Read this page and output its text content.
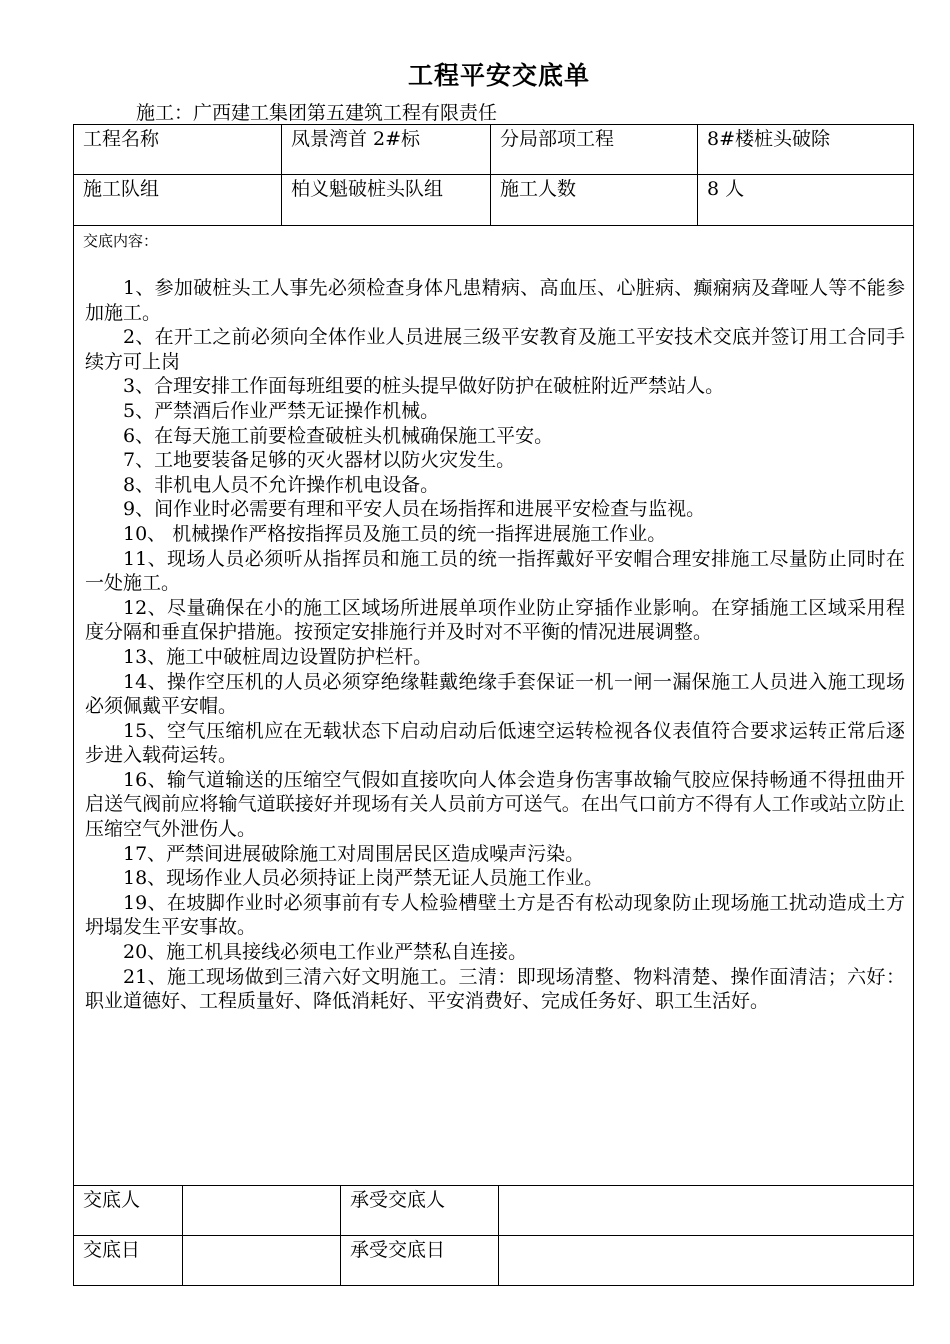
工程平安交底单
施工：广西建工集团第五建筑工程有限责任
工程名称	凤景湾首 2#标	分局部项工程	8#楼桩头破除
施工队组	柏义魁破桩头队组	施工人数	8 人
交底内容：

1、参加破桩头工人事先必须检查身体凡患精病、高血压、心脏病、癫痫病及聋哑人等不能参加施工。

2、在开工之前必须向全体作业人员进展三级平安教育及施工平安技术交底并签订用工合同手续方可上岗

3、合理安排工作面每班组要的桩头提早做好防护在破桩附近严禁站人。

5、严禁酒后作业严禁无证操作机械。

6、在每天施工前要检查破桩头机械确保施工平安。

7、工地要装备足够的灭火器材以防火灾发生。

8、非机电人员不允许操作机电设备。

9、间作业时必需要有理和平安人员在场指挥和进展平安检查与监视。

10、 机械操作严格按指挥员及施工员的统一指挥进展施工作业。

11、现场人员必须听从指挥员和施工员的统一指挥戴好平安帽合理安排施工尽量防止同时在一处施工。

12、尽量确保在小的施工区域场所进展单项作业防止穿插作业影响。在穿插施工区域采用程度分隔和垂直保护措施。按预定安排施行并及时对不平衡的情况进展调整。

13、施工中破桩周边设置防护栏杆。

14、操作空压机的人员必须穿绝缘鞋戴绝缘手套保证一机一闸一漏保施工人员进入施工现场必须佩戴平安帽。

15、空气压缩机应在无载状态下启动启动后低速空运转检视各仪表值符合要求运转正常后逐步进入载荷运转。

16、输气道输送的压缩空气假如直接吹向人体会造身伤害事故输气胶应保持畅通不得扭曲开启送气阀前应将输气道联接好并现场有关人员前方可送气。在出气口前方不得有人工作或站立防止压缩空气外泄伤人。

17、严禁间进展破除施工对周围居民区造成噪声污染。

18、现场作业人员必须持证上岗严禁无证人员施工作业。

19、在坡脚作业时必须事前有专人检验槽壁土方是否有松动现象防止现场施工扰动造成土方坍塌发生平安事故。

20、施工机具接线必须电工作业严禁私自连接。

21、施工现场做到三清六好文明施工。三清：即现场清整、物料清楚、操作面清洁；六好：职业道德好、工程质量好、降低消耗好、平安消费好、完成任务好、职工生活好。

交底人	承受交底人
交底日	承受交底日
